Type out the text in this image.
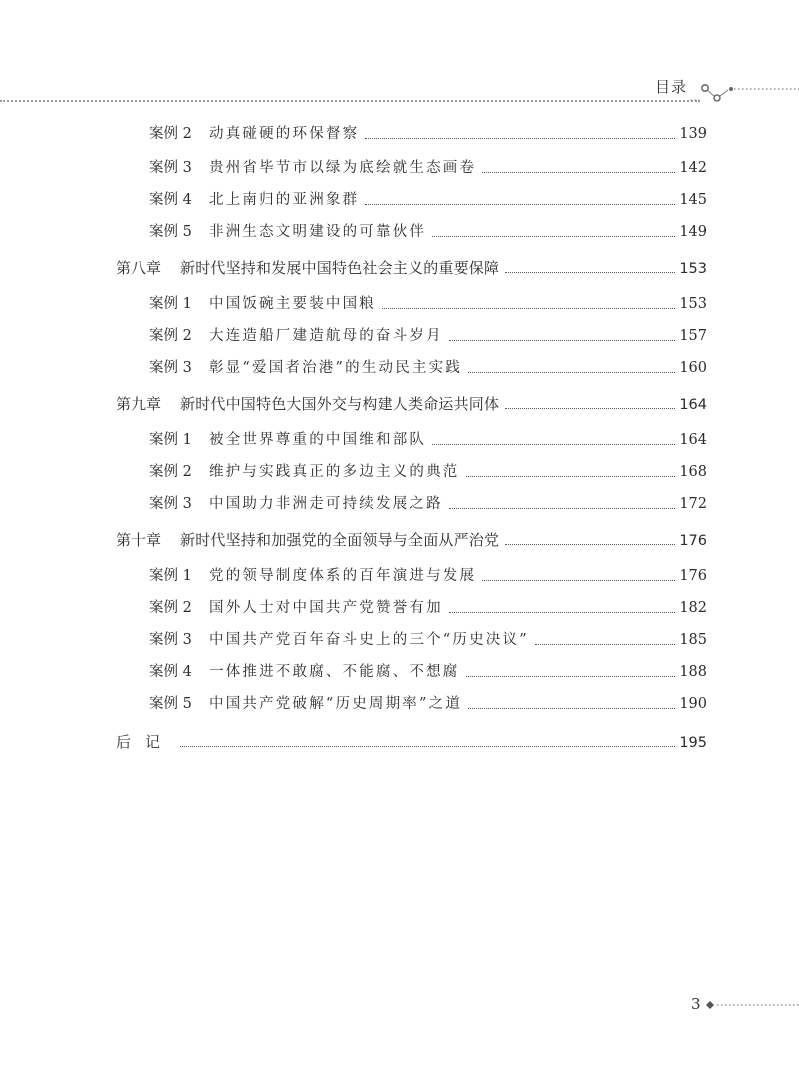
目录
案例 2	动真碰硬的环保督察	139
案例 3	贵州省毕节市以绿为底绘就生态画卷	142
案例 4	北上南归的亚洲象群	145
案例 5	非洲生态文明建设的可靠伙伴	149
第八章	新时代坚持和发展中国特色社会主义的重要保障	153
案例 1	中国饭碗主要装中国粮	153
案例 2	大连造船厂建造航母的奋斗岁月	157
案例 3	彰显“爱国者治港”的生动民主实践	160
第九章	新时代中国特色大国外交与构建人类命运共同体	164
案例 1	被全世界尊重的中国维和部队	164
案例 2	维护与实践真正的多边主义的典范	168
案例 3	中国助力非洲走可持续发展之路	172
第十章	新时代坚持和加强党的全面领导与全面从严治党	176
案例 1	党的领导制度体系的百年演进与发展	176
案例 2	国外人士对中国共产党赞誉有加	182
案例 3	中国共产党百年奋斗史上的三个“历史决议”	185
案例 4	一体推进不敢腐、不能腐、不想腐	188
案例 5	中国共产党破解“历史周期率”之道	190
后记	195
3
